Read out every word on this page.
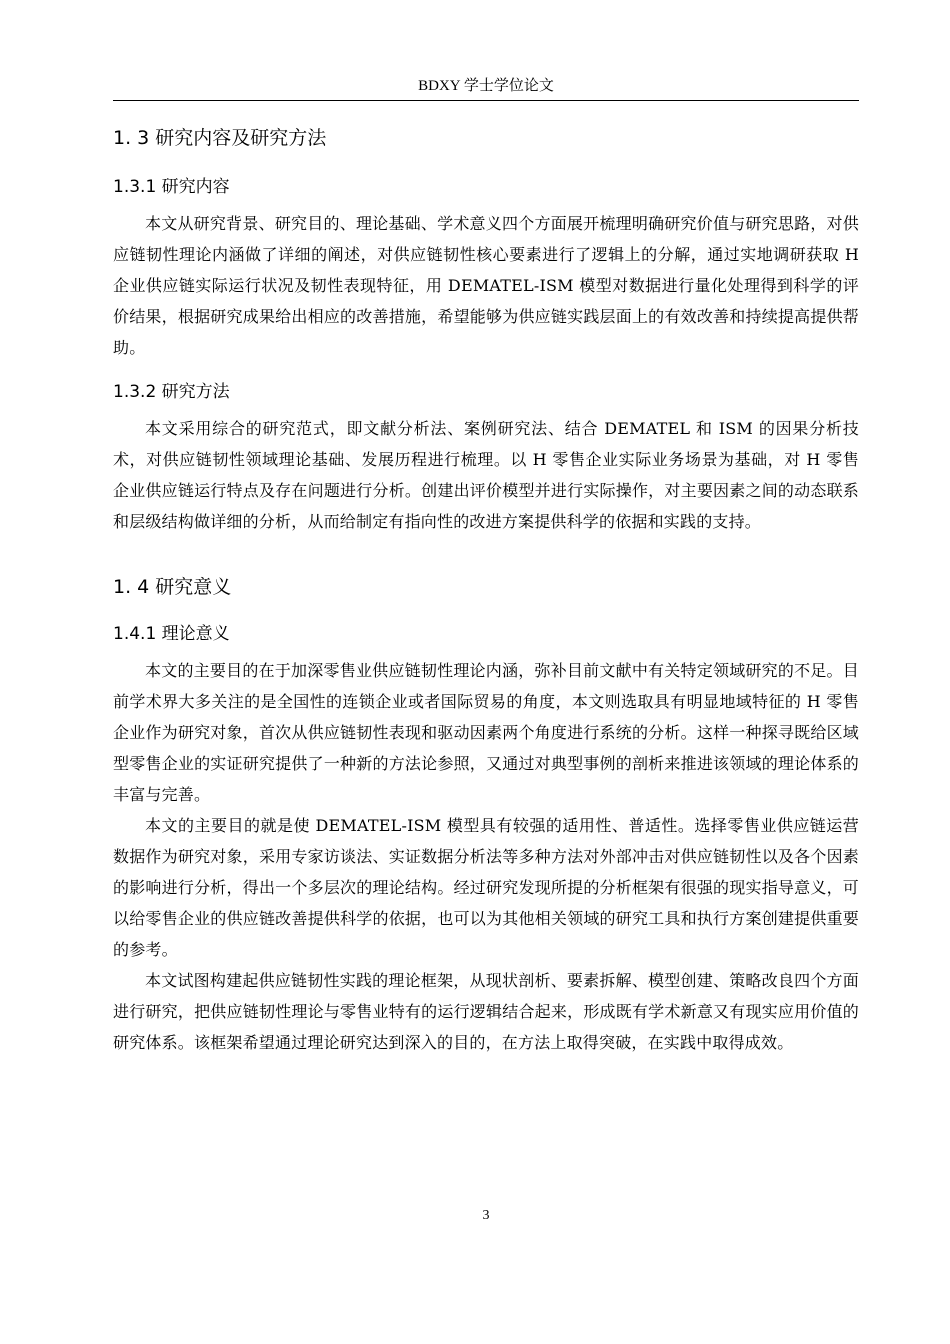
BDXY 学士学位论文
1. 3 研究内容及研究方法
1.3.1 研究内容

本文从研究背景、研究目的、理论基础、学术意义四个方面展开梳理明确研究价值与研究思路，对供应链韧性理论内涵做了详细的阐述，对供应链韧性核心要素进行了逻辑上的分解，通过实地调研获取 H 企业供应链实际运行状况及韧性表现特征，用 DEMATEL-ISM 模型对数据进行量化处理得到科学的评价结果，根据研究成果给出相应的改善措施，希望能够为供应链实践层面上的有效改善和持续提高提供帮助。

1.3.2 研究方法

本文采用综合的研究范式，即文献分析法、案例研究法、结合 DEMATEL 和 ISM 的因果分析技术，对供应链韧性领域理论基础、发展历程进行梳理。以 H 零售企业实际业务场景为基础，对 H 零售企业供应链运行特点及存在问题进行分析。创建出评价模型并进行实际操作，对主要因素之间的动态联系和层级结构做详细的分析，从而给制定有指向性的改进方案提供科学的依据和实践的支持。

1. 4 研究意义
1.4.1 理论意义

本文的主要目的在于加深零售业供应链韧性理论内涵，弥补目前文献中有关特定领域研究的不足。目前学术界大多关注的是全国性的连锁企业或者国际贸易的角度，本文则选取具有明显地域特征的 H 零售企业作为研究对象，首次从供应链韧性表现和驱动因素两个角度进行系统的分析。这样一种探寻既给区域型零售企业的实证研究提供了一种新的方法论参照，又通过对典型事例的剖析来推进该领域的理论体系的丰富与完善。

本文的主要目的就是使 DEMATEL-ISM 模型具有较强的适用性、普适性。选择零售业供应链运营数据作为研究对象，采用专家访谈法、实证数据分析法等多种方法对外部冲击对供应链韧性以及各个因素的影响进行分析，得出一个多层次的理论结构。经过研究发现所提的分析框架有很强的现实指导意义，可以给零售企业的供应链改善提供科学的依据，也可以为其他相关领域的研究工具和执行方案创建提供重要的参考。

本文试图构建起供应链韧性实践的理论框架，从现状剖析、要素拆解、模型创建、策略改良四个方面进行研究，把供应链韧性理论与零售业特有的运行逻辑结合起来，形成既有学术新意又有现实应用价值的研究体系。该框架希望通过理论研究达到深入的目的，在方法上取得突破，在实践中取得成效。

3
